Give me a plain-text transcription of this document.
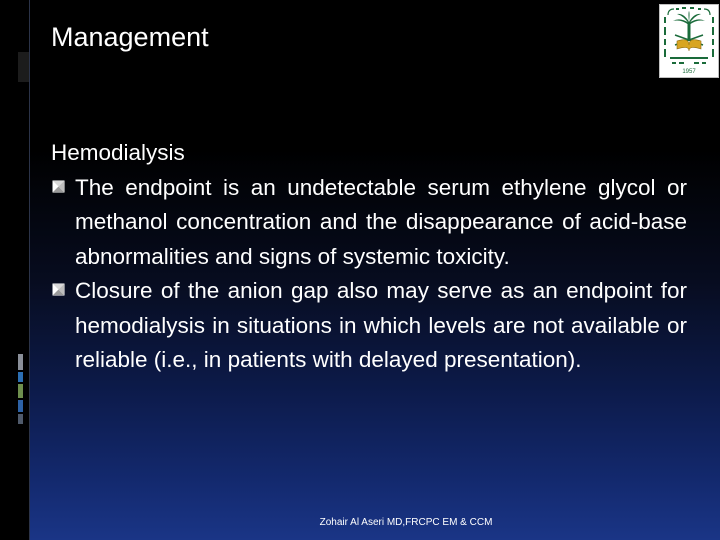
Management
1957
Hemodialysis
The endpoint is an undetectable serum ethylene glycol or methanol concentration and the disappearance of acid-base abnormalities and signs of systemic toxicity.
Closure of the anion gap also may serve as an endpoint for hemodialysis in situations in which levels are not available or reliable (i.e., in patients with delayed presentation).
Zohair Al Aseri MD,FRCPC EM & CCM
